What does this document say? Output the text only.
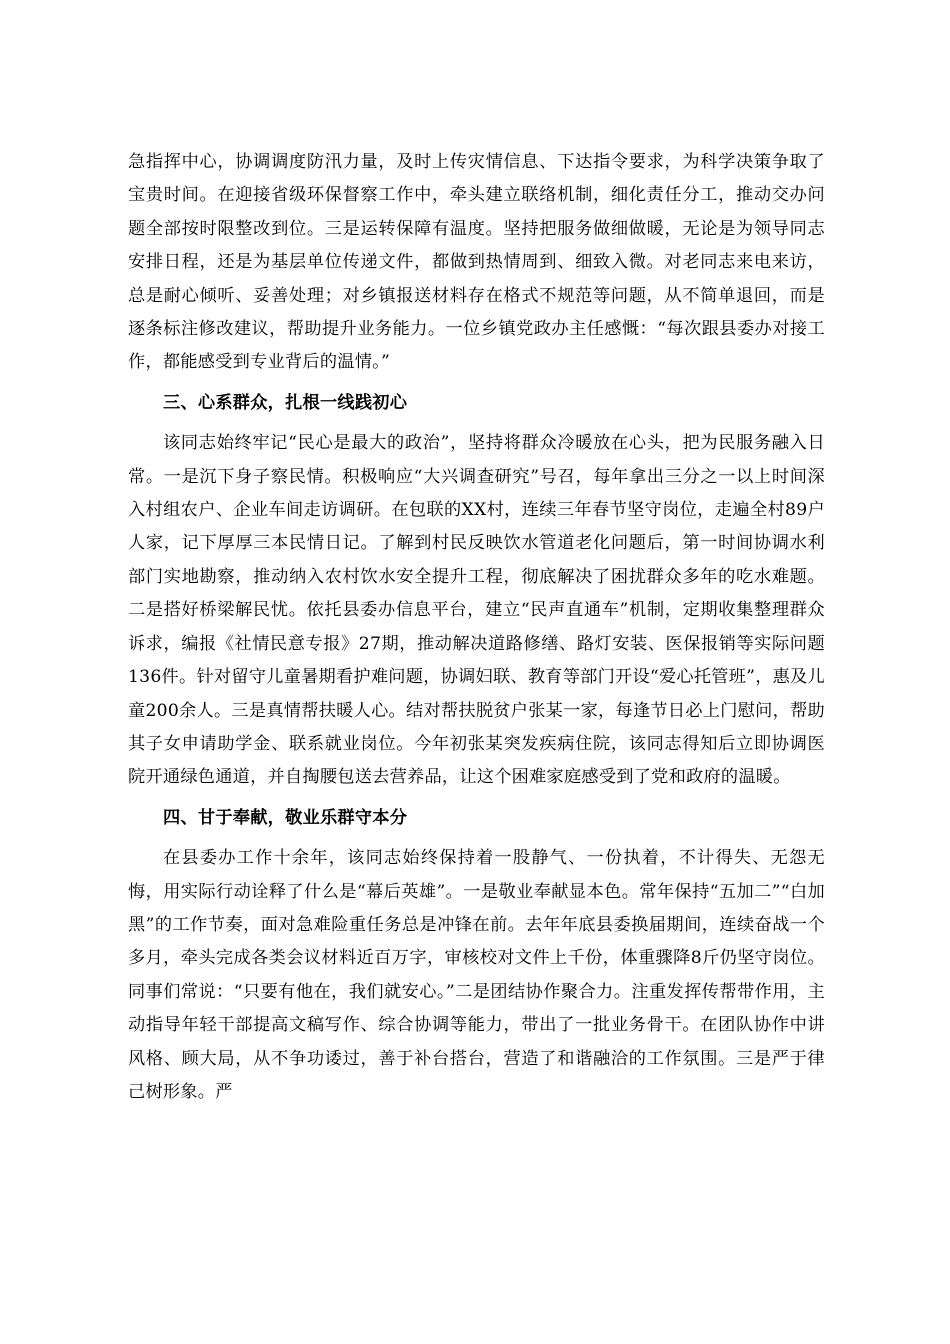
急指挥中心，协调调度防汛力量，及时上传灾情信息、下达指令要求，为科学决策争取了宝贵时间。在迎接省级环保督察工作中，牵头建立联络机制，细化责任分工，推动交办问题全部按时限整改到位。三是运转保障有温度。坚持把服务做细做暖，无论是为领导同志安排日程，还是为基层单位传递文件，都做到热情周到、细致入微。对老同志来电来访，总是耐心倾听、妥善处理；对乡镇报送材料存在格式不规范等问题，从不简单退回，而是逐条标注修改建议，帮助提升业务能力。一位乡镇党政办主任感慨：“每次跟县委办对接工作，都能感受到专业背后的温情。”

三、心系群众，扎根一线践初心

该同志始终牢记“民心是最大的政治”，坚持将群众冷暖放在心头，把为民服务融入日常。一是沉下身子察民情。积极响应“大兴调查研究”号召，每年拿出三分之一以上时间深入村组农户、企业车间走访调研。在包联的XX村，连续三年春节坚守岗位，走遍全村89户人家，记下厚厚三本民情日记。了解到村民反映饮水管道老化问题后，第一时间协调水利部门实地勘察，推动纳入农村饮水安全提升工程，彻底解决了困扰群众多年的吃水难题。二是搭好桥梁解民忧。依托县委办信息平台，建立“民声直通车”机制，定期收集整理群众诉求，编报《社情民意专报》27期，推动解决道路修缮、路灯安装、医保报销等实际问题136件。针对留守儿童暑期看护难问题，协调妇联、教育等部门开设“爱心托管班”，惠及儿童200余人。三是真情帮扶暖人心。结对帮扶脱贫户张某一家，每逢节日必上门慰问，帮助其子女申请助学金、联系就业岗位。今年初张某突发疾病住院，该同志得知后立即协调医院开通绿色通道，并自掏腰包送去营养品，让这个困难家庭感受到了党和政府的温暖。

四、甘于奉献，敬业乐群守本分

在县委办工作十余年，该同志始终保持着一股静气、一份执着，不计得失、无怨无悔，用实际行动诠释了什么是“幕后英雄”。一是敬业奉献显本色。常年保持“五加二”“白加黑”的工作节奏，面对急难险重任务总是冲锋在前。去年年底县委换届期间，连续奋战一个多月，牵头完成各类会议材料近百万字，审核校对文件上千份，体重骤降8斤仍坚守岗位。同事们常说：“只要有他在，我们就安心。”二是团结协作聚合力。注重发挥传帮带作用，主动指导年轻干部提高文稿写作、综合协调等能力，带出了一批业务骨干。在团队协作中讲风格、顾大局，从不争功诿过，善于补台搭台，营造了和谐融洽的工作氛围。三是严于律己树形象。严
